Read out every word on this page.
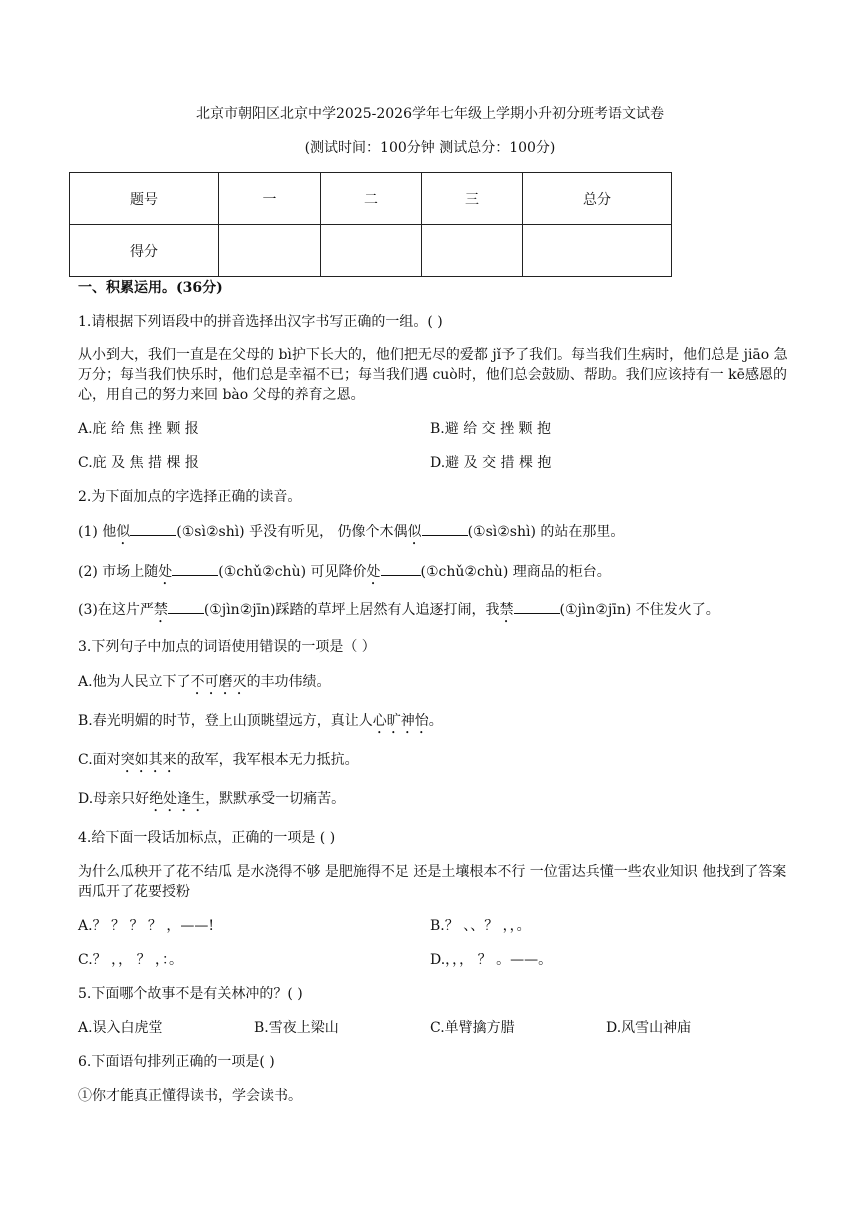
北京市朝阳区北京中学2025-2026学年七年级上学期小升初分班考语文试卷
(测试时间：100分钟 测试总分：100分)
题号	一	二	三	总分
得分				
一、积累运用。(36分)
1.请根据下列语段中的拼音选择出汉字书写正确的一组。( )
从小到大，我们一直是在父母的 bì护下长大的，他们把无尽的爱都 jǐ予了我们。每当我们生病时，他们总是 jiāo 急万分；每当我们快乐时，他们总是幸福不已；每当我们遇 cuò时，他们总会鼓励、帮助。我们应该持有一 kē感恩的心，用自己的努力来回 bào 父母的养育之恩。
A.庇 给 焦 挫 颗 报	B.避 给 交 挫 颗 抱
C.庇 及 焦 措 棵 报	D.避 及 交 措 棵 抱
2.为下面加点的字选择正确的读音。
(1) 他似	(①sì②shì) 乎没有听见， 仍像个木偶似	(①sì②shì) 的站在那里。
(2) 市场上随处	(①chǔ②chù) 可见降价处	(①chǔ②chù) 理商品的柜台。
(3)在这片严禁	(①jìn②jīn)踩踏的草坪上居然有人追逐打闹，我禁	(①jìn②jīn) 不住发火了。
3.下列句子中加点的词语使用错误的一项是（ ）
A.他为人民立下了不可磨灭的丰功伟绩。
B.春光明媚的时节，登上山顶眺望远方，真让人心旷神怡。
C.面对突如其来的敌军，我军根本无力抵抗。
D.母亲只好绝处逢生，默默承受一切痛苦。
4.给下面一段话加标点，正确的一项是 ( )
为什么瓜秧开了花不结瓜 是水浇得不够 是肥施得不足 还是土壤根本不行 一位雷达兵懂一些农业知识 他找到了答案 西瓜开了花要授粉
A.？ ？ ？ ？ ，——!	B.？ 、、？ ，，。
C.？ ，， ？ ，：。	D.，，， ？ 。——。
5.下面哪个故事不是有关林冲的？( )
A.误入白虎堂	B.雪夜上梁山	C.单臂擒方腊	D.风雪山神庙
6.下面语句排列正确的一项是( )
①你才能真正懂得读书，学会读书。
